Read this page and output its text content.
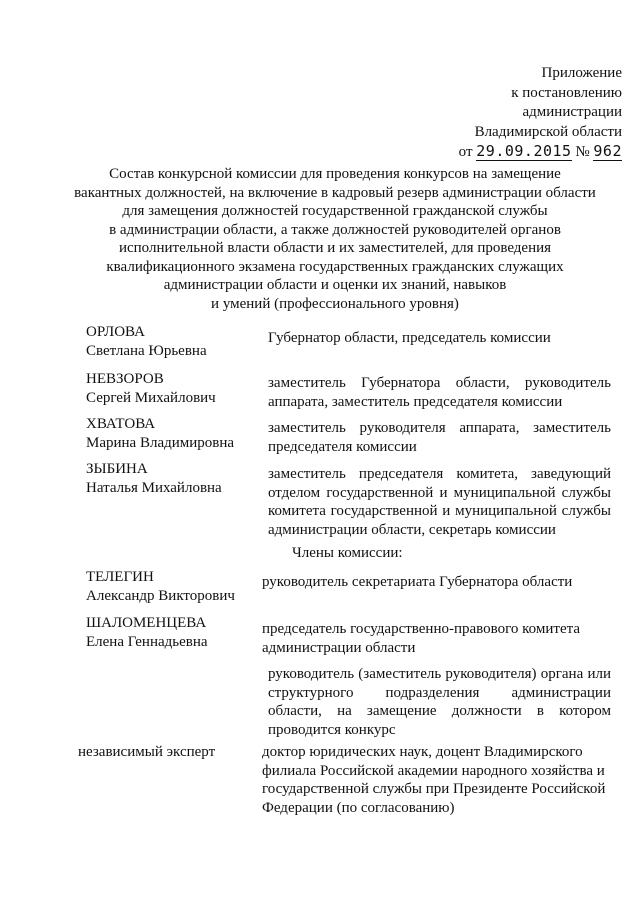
Приложение
к постановлению
администрации
Владимирской области
от 29.09.2015 № 962
Состав конкурсной комиссии для проведения конкурсов на замещение
вакантных должностей, на включение в кадровый резерв администрации области
для замещения должностей государственной гражданской службы
в администрации области, а также должностей руководителей органов
исполнительной власти области и их заместителей, для проведения
квалификационного экзамена государственных гражданских служащих
администрации области и оценки их знаний, навыков
и умений (профессионального уровня)
ОРЛОВА
Светлана Юрьевна
Губернатор области, председатель комиссии
НЕВЗОРОВ
Сергей Михайлович
заместитель Губернатора области, руководитель аппарата, заместитель председателя комиссии
ХВАТОВА
Марина Владимировна
заместитель руководителя аппарата, заместитель председателя комиссии
ЗЫБИНА
Наталья Михайловна
заместитель председателя комитета, заведующий отделом государственной и муниципальной службы комитета государственной и муниципальной службы администрации области, секретарь комиссии
Члены комиссии:
ТЕЛЕГИН
Александр Викторович
руководитель секретариата Губернатора области
ШАЛОМЕНЦЕВА
Елена Геннадьевна
председатель государственно-правового комитета администрации области
руководитель (заместитель руководителя) органа или структурного подразделения администрации области, на замещение должности в котором проводится конкурс
независимый эксперт	доктор юридических наук, доцент Владимирского филиала Российской академии народного хозяйства и государственной службы при Президенте Российской Федерации (по согласованию)
